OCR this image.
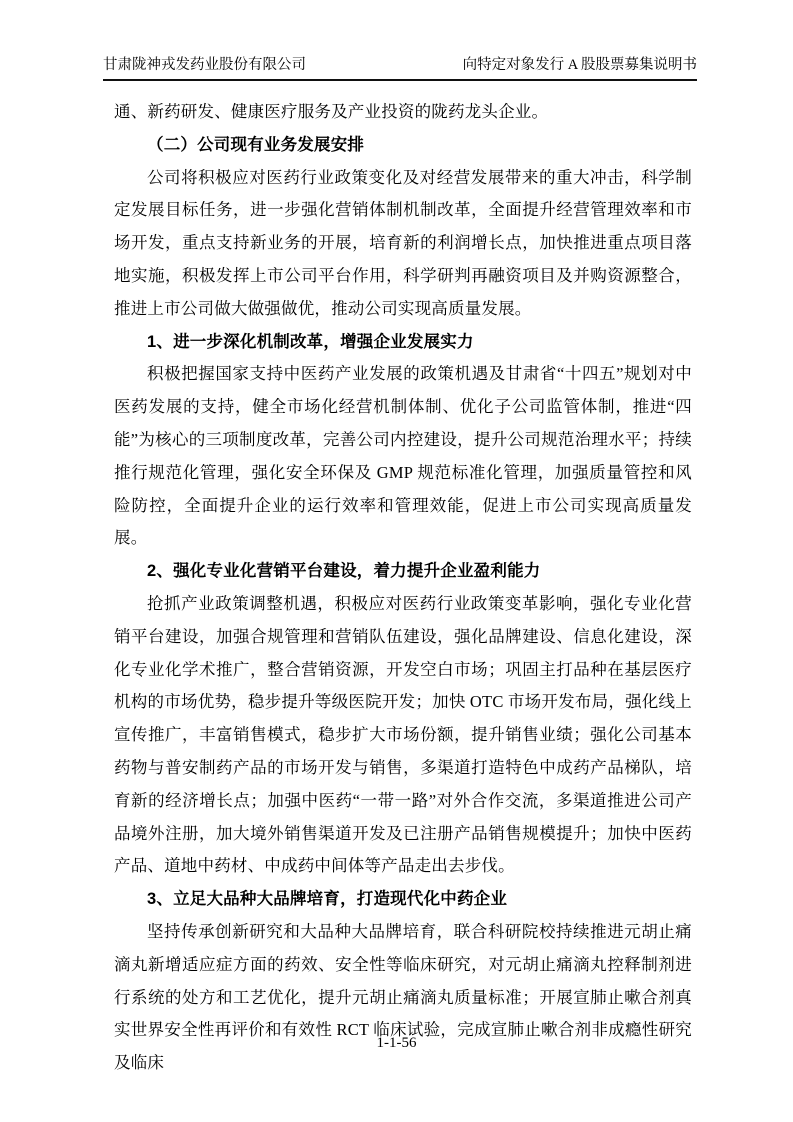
甘肃陇神戎发药业股份有限公司	向特定对象发行 A 股股票募集说明书

通、新药研发、健康医疗服务及产业投资的陇药龙头企业。

（二）公司现有业务发展安排

公司将积极应对医药行业政策变化及对经营发展带来的重大冲击，科学制定发展目标任务，进一步强化营销体制机制改革，全面提升经营管理效率和市场开发，重点支持新业务的开展，培育新的利润增长点，加快推进重点项目落地实施，积极发挥上市公司平台作用，科学研判再融资项目及并购资源整合，推进上市公司做大做强做优，推动公司实现高质量发展。

1、进一步深化机制改革，增强企业发展实力

积极把握国家支持中医药产业发展的政策机遇及甘肃省“十四五”规划对中医药发展的支持，健全市场化经营机制体制、优化子公司监管体制，推进“四能”为核心的三项制度改革，完善公司内控建设，提升公司规范治理水平；持续推行规范化管理，强化安全环保及 GMP 规范标准化管理，加强质量管控和风险防控，全面提升企业的运行效率和管理效能，促进上市公司实现高质量发展。

2、强化专业化营销平台建设，着力提升企业盈利能力

抢抓产业政策调整机遇，积极应对医药行业政策变革影响，强化专业化营销平台建设，加强合规管理和营销队伍建设，强化品牌建设、信息化建设，深化专业化学术推广，整合营销资源，开发空白市场；巩固主打品种在基层医疗机构的市场优势，稳步提升等级医院开发；加快 OTC 市场开发布局，强化线上宣传推广，丰富销售模式，稳步扩大市场份额，提升销售业绩；强化公司基本药物与普安制药产品的市场开发与销售，多渠道打造特色中成药产品梯队，培育新的经济增长点；加强中医药“一带一路”对外合作交流，多渠道推进公司产品境外注册，加大境外销售渠道开发及已注册产品销售规模提升；加快中医药产品、道地中药材、中成药中间体等产品走出去步伐。

3、立足大品种大品牌培育，打造现代化中药企业

坚持传承创新研究和大品种大品牌培育，联合科研院校持续推进元胡止痛滴丸新增适应症方面的药效、安全性等临床研究，对元胡止痛滴丸控释制剂进行系统的处方和工艺优化，提升元胡止痛滴丸质量标准；开展宣肺止嗽合剂真实世界安全性再评价和有效性 RCT 临床试验，完成宣肺止嗽合剂非成瘾性研究及临床

1-1-56
